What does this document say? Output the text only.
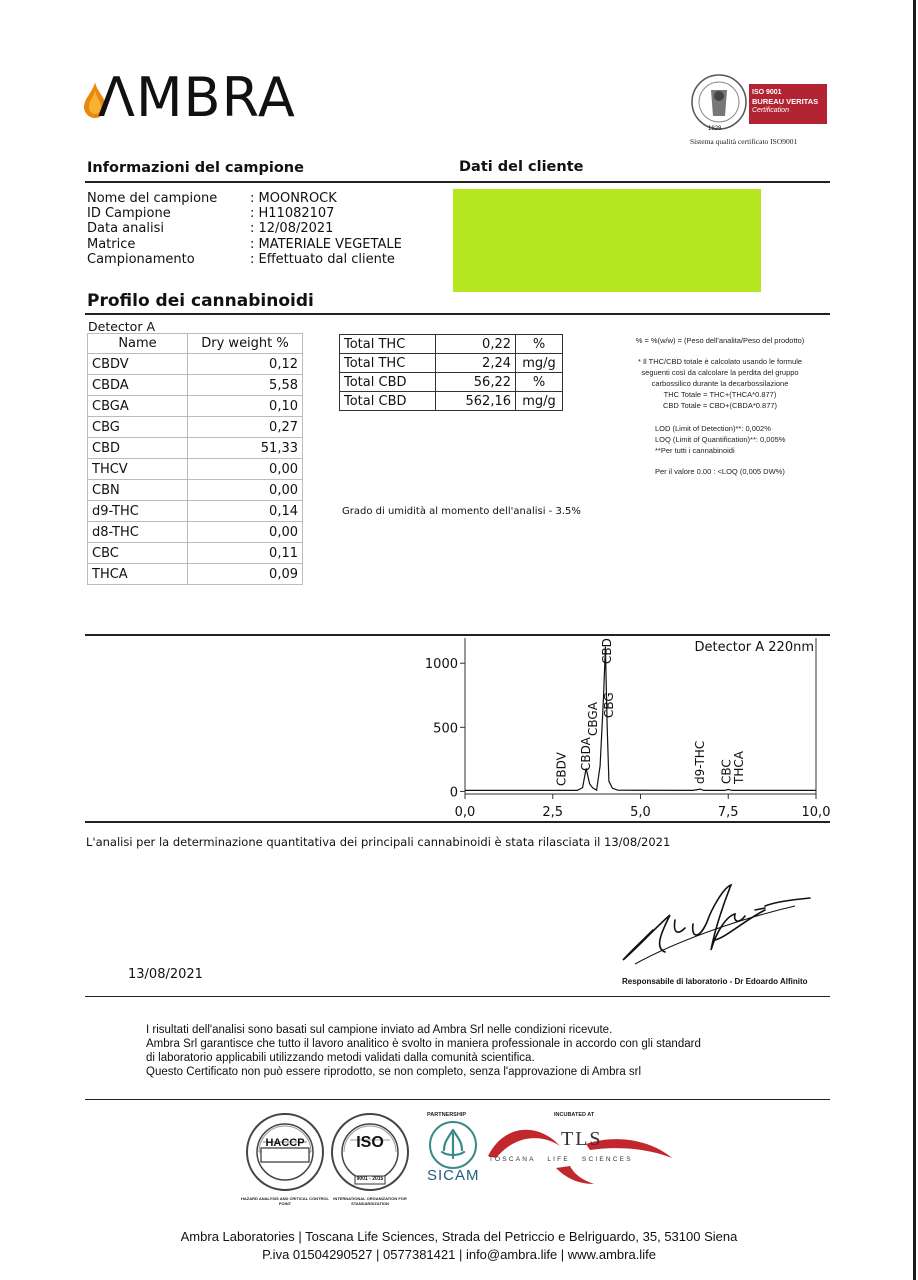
ΛMBRA	1828
ISO 9001
BUREAU VERITAS
Certification
Sistema qualità certificato ISO9001
Informazioni del campione	Dati del cliente
Nome del campione	: MOONROCK
ID Campione	: H11082107
Data analisi	: 12/08/2021
Matrice	: MATERIALE VEGETALE
Campionamento	: Effettuato dal cliente
Profilo dei cannabinoidi
Detector A
Name	Dry weight %
CBDV	0,12
CBDA	5,58
CBGA	0,10
CBG	0,27
CBD	51,33
THCV	0,00
CBN	0,00
d9-THC	0,14
d8-THC	0,00
CBC	0,11
THCA	0,09
Total THC	0,22	%
Total THC	2,24	mg/g
Total CBD	56,22	%
Total CBD	562,16	mg/g
% = %(w/w) = (Peso dell'analita/Peso del prodotto)
* Il THC/CBD totale è calcolato usando le formule
seguenti così da calcolare la perdita del gruppo
carbossilico durante la decarbossilazione
THC Totale = THC+(THCA*0.877)
CBD Totale = CBD+(CBDA*0.877)
LOD (Limit of Detection)**: 0,002%
LOQ (Limit of Quantification)**: 0,005%
**Per tutti i cannabinoidi
Per il valore 0.00 : <LOQ (0,005 DW%)
Grado di umidità al momento dell'analisi - 3.5%
0
500
1000
0,0	2,5	5,0	7,5	10,0
Detector A 220nm
CBDV CBDA
CBGA CBG
CBD
d9-THC CBC
THCA
L'analisi per la determinazione quantitativa dei principali cannabinoidi è stata rilasciata il 13/08/2021
13/08/2021	Responsabile di laboratorio - Dr Edoardo Alfinito
I risultati dell'analisi sono basati sul campione inviato ad Ambra Srl nelle condizioni ricevute.
Ambra Srl garantisce che tutto il lavoro analitico è svolto in maniera professionale in accordo con gli standard
di laboratorio applicabili utilizzando metodi validati dalla comunità scientifica.
Questo Certificato non può essere riprodotto, se non completo, senza l'approvazione di Ambra srl
HACCP
HAZARD ANALYSIS AND CRITICAL CONTROL POINT
ISO
9001 - 2015
INTERNATIONAL ORGANIZATION FOR STANDARDIZATION
PARTNERSHIP
SICAM
INCUBATED AT
TLS
TOSCANA   LIFE   SCIENCES
Ambra Laboratories | Toscana Life Sciences, Strada del Petriccio e Belriguardo, 35, 53100 Siena
P.iva 01504290527 | 0577381421 | info@ambra.life | www.ambra.life
